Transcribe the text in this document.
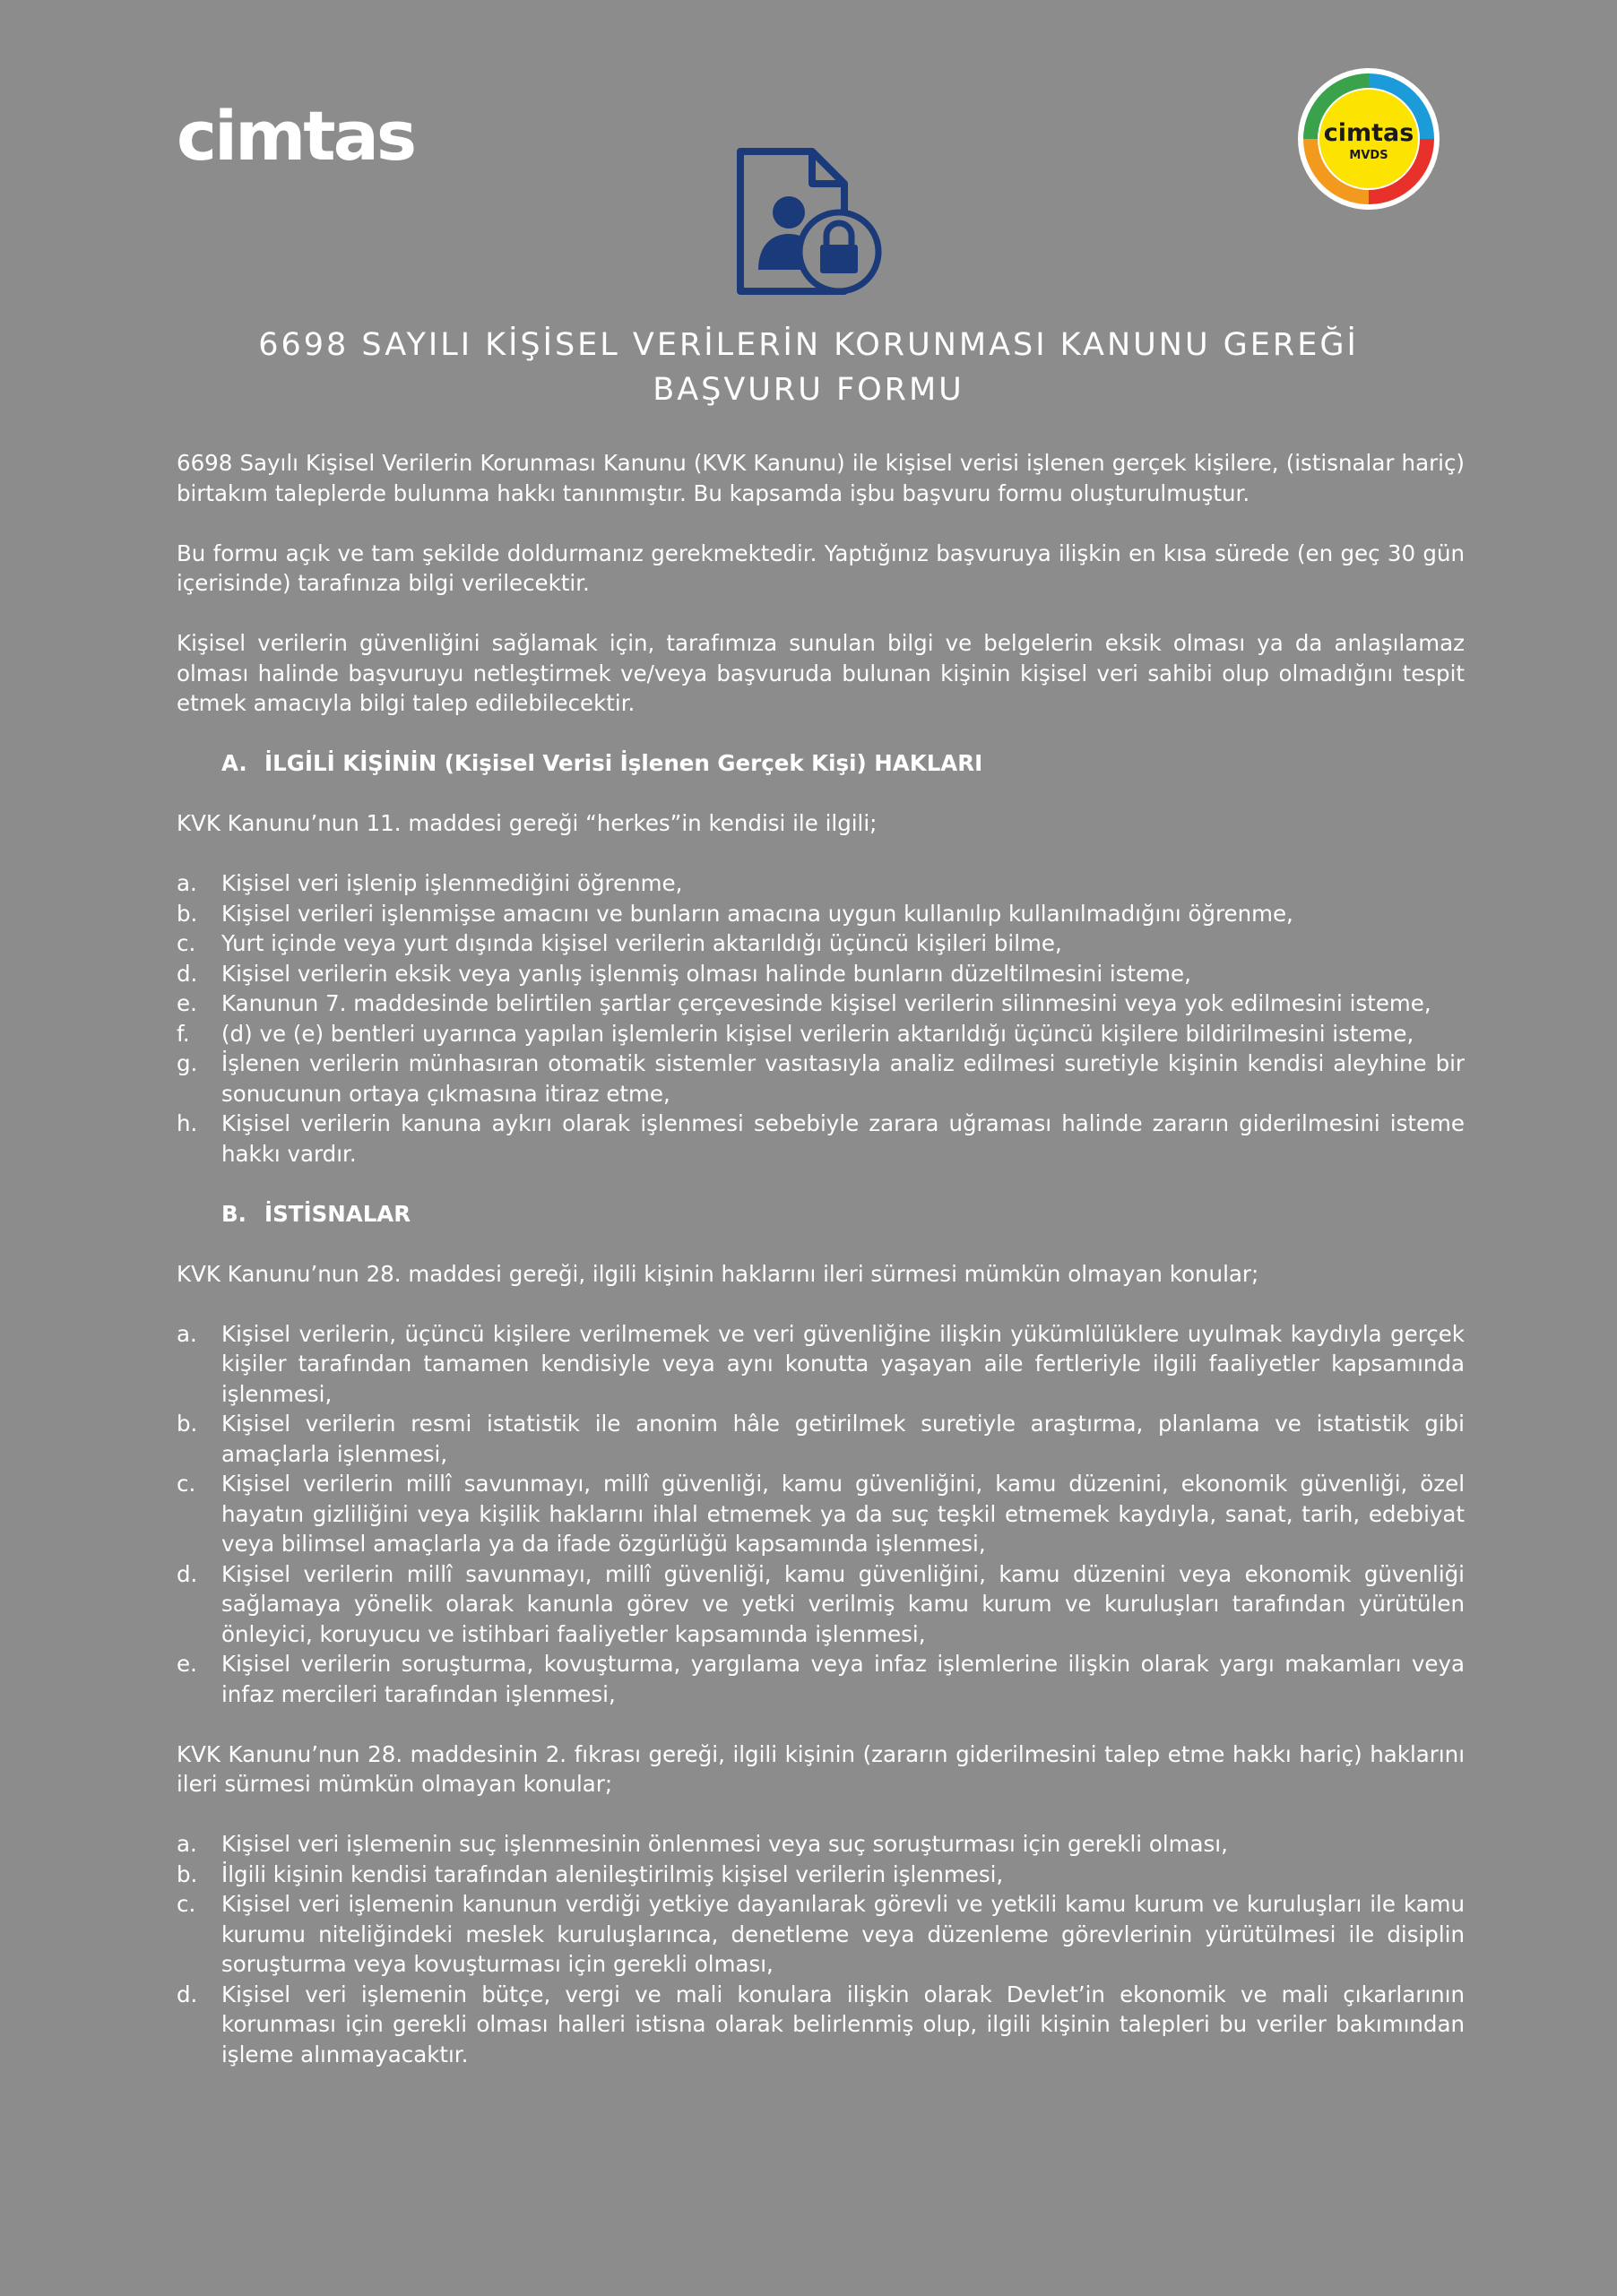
cimtas	cimtas
MVDS
6698 SAYILI KİŞİSEL VERİLERİN KORUNMASI KANUNU GEREĞİ
BAŞVURU FORMU

6698 Sayılı Kişisel Verilerin Korunması Kanunu (KVK Kanunu) ile kişisel verisi işlenen gerçek kişilere, (istisnalar hariç) birtakım taleplerde bulunma hakkı tanınmıştır. Bu kapsamda işbu başvuru formu oluşturulmuştur.

Bu formu açık ve tam şekilde doldurmanız gerekmektedir. Yaptığınız başvuruya ilişkin en kısa sürede (en geç 30 gün içerisinde) tarafınıza bilgi verilecektir.

Kişisel verilerin güvenliğini sağlamak için, tarafımıza sunulan bilgi ve belgelerin eksik olması ya da anlaşılamaz olması halinde başvuruyu netleştirmek ve/veya başvuruda bulunan kişinin kişisel veri sahibi olup olmadığını tespit etmek amacıyla bilgi talep edilebilecektir.

A. İLGİLİ KİŞİNİN (Kişisel Verisi İşlenen Gerçek Kişi) HAKLARI

KVK Kanunu’nun 11. maddesi gereği “herkes”in kendisi ile ilgili;

a. Kişisel veri işlenip işlenmediğini öğrenme,
b. Kişisel verileri işlenmişse amacını ve bunların amacına uygun kullanılıp kullanılmadığını öğrenme,
c. Yurt içinde veya yurt dışında kişisel verilerin aktarıldığı üçüncü kişileri bilme,
d. Kişisel verilerin eksik veya yanlış işlenmiş olması halinde bunların düzeltilmesini isteme,
e. Kanunun 7. maddesinde belirtilen şartlar çerçevesinde kişisel verilerin silinmesini veya yok edilmesini isteme,
f. (d) ve (e) bentleri uyarınca yapılan işlemlerin kişisel verilerin aktarıldığı üçüncü kişilere bildirilmesini isteme,
g. İşlenen verilerin münhasıran otomatik sistemler vasıtasıyla analiz edilmesi suretiyle kişinin kendisi aleyhine bir sonucunun ortaya çıkmasına itiraz etme,
h. Kişisel verilerin kanuna aykırı olarak işlenmesi sebebiyle zarara uğraması halinde zararın giderilmesini isteme hakkı vardır.
B. İSTİSNALAR

KVK Kanunu’nun 28. maddesi gereği, ilgili kişinin haklarını ileri sürmesi mümkün olmayan konular;

a. Kişisel verilerin, üçüncü kişilere verilmemek ve veri güvenliğine ilişkin yükümlülüklere uyulmak kaydıyla gerçek kişiler tarafından tamamen kendisiyle veya aynı konutta yaşayan aile fertleriyle ilgili faaliyetler kapsamında işlenmesi,
b. Kişisel verilerin resmi istatistik ile anonim hâle getirilmek suretiyle araştırma, planlama ve istatistik gibi amaçlarla işlenmesi,
c. Kişisel verilerin millî savunmayı, millî güvenliği, kamu güvenliğini, kamu düzenini, ekonomik güvenliği, özel hayatın gizliliğini veya kişilik haklarını ihlal etmemek ya da suç teşkil etmemek kaydıyla, sanat, tarih, edebiyat veya bilimsel amaçlarla ya da ifade özgürlüğü kapsamında işlenmesi,
d. Kişisel verilerin millî savunmayı, millî güvenliği, kamu güvenliğini, kamu düzenini veya ekonomik güvenliği sağlamaya yönelik olarak kanunla görev ve yetki verilmiş kamu kurum ve kuruluşları tarafından yürütülen önleyici, koruyucu ve istihbari faaliyetler kapsamında işlenmesi,
e. Kişisel verilerin soruşturma, kovuşturma, yargılama veya infaz işlemlerine ilişkin olarak yargı makamları veya infaz mercileri tarafından işlenmesi,

KVK Kanunu’nun 28. maddesinin 2. fıkrası gereği, ilgili kişinin (zararın giderilmesini talep etme hakkı hariç) haklarını ileri sürmesi mümkün olmayan konular;

a. Kişisel veri işlemenin suç işlenmesinin önlenmesi veya suç soruşturması için gerekli olması,
b. İlgili kişinin kendisi tarafından alenileştirilmiş kişisel verilerin işlenmesi,
c. Kişisel veri işlemenin kanunun verdiği yetkiye dayanılarak görevli ve yetkili kamu kurum ve kuruluşları ile kamu kurumu niteliğindeki meslek kuruluşlarınca, denetleme veya düzenleme görevlerinin yürütülmesi ile disiplin soruşturma veya kovuşturması için gerekli olması,
d. Kişisel veri işlemenin bütçe, vergi ve mali konulara ilişkin olarak Devlet’in ekonomik ve mali çıkarlarının korunması için gerekli olması halleri istisna olarak belirlenmiş olup, ilgili kişinin talepleri bu veriler bakımından işleme alınmayacaktır.
